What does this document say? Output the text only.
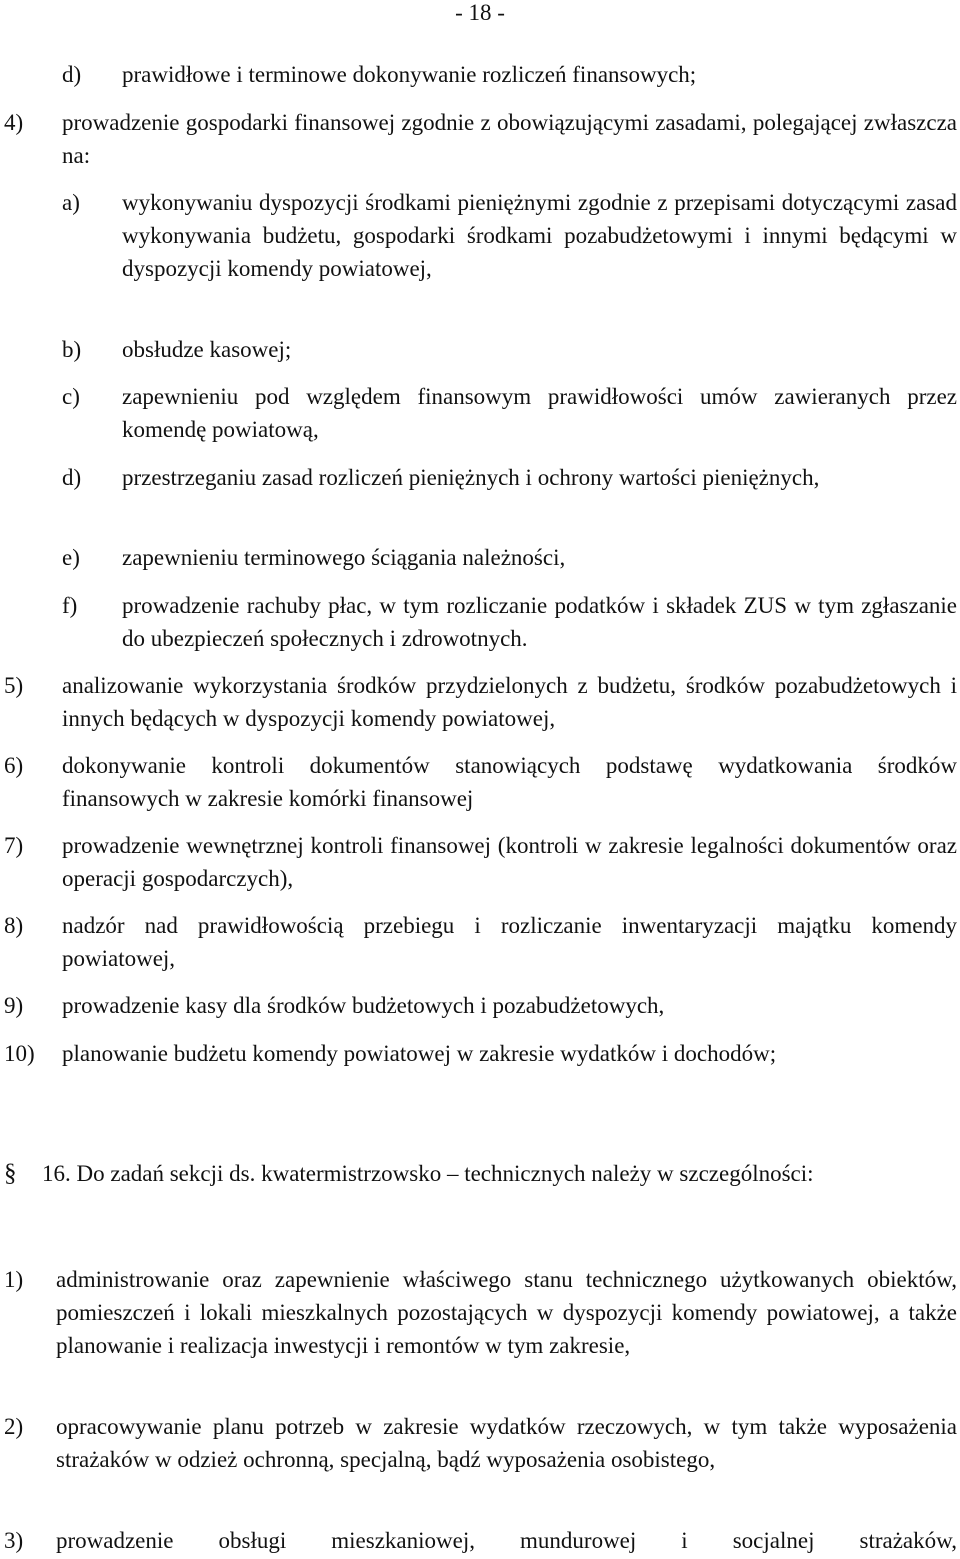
- 18 -
d) prawidłowe i terminowe dokonywanie rozliczeń finansowych;
4) prowadzenie gospodarki finansowej zgodnie z obowiązującymi zasadami, polegającej zwłaszcza na:
a) wykonywaniu dyspozycji środkami pieniężnymi zgodnie z przepisami dotyczącymi zasad wykonywania budżetu, gospodarki środkami pozabudżetowymi i innymi będącymi w dyspozycji komendy powiatowej,
b) obsłudze kasowej;
c) zapewnieniu pod względem finansowym prawidłowości umów zawieranych przez komendę powiatową,
d) przestrzeganiu zasad rozliczeń pieniężnych i ochrony wartości pieniężnych,
e) zapewnieniu terminowego ściągania należności,
f) prowadzenie rachuby płac, w tym rozliczanie podatków i składek ZUS w tym zgłaszanie do ubezpieczeń społecznych i zdrowotnych.
5) analizowanie wykorzystania środków przydzielonych z budżetu, środków pozabudżetowych i innych będących w dyspozycji komendy powiatowej,
6) dokonywanie kontroli dokumentów stanowiących podstawę wydatkowania środków finansowych w zakresie komórki finansowej
7) prowadzenie wewnętrznej kontroli finansowej (kontroli w zakresie legalności dokumentów oraz operacji gospodarczych),
8) nadzór nad prawidłowością przebiegu i rozliczanie inwentaryzacji majątku komendy powiatowej,
9) prowadzenie kasy dla środków budżetowych i pozabudżetowych,
10) planowanie budżetu komendy powiatowej w zakresie wydatków i dochodów;
§ 16. Do zadań sekcji ds. kwatermistrzowsko – technicznych należy w szczególności:
1) administrowanie oraz zapewnienie właściwego stanu technicznego użytkowanych obiektów, pomieszczeń i lokali mieszkalnych pozostających w dyspozycji komendy powiatowej, a także planowanie i realizacja inwestycji i remontów w tym zakresie,
2) opracowywanie planu potrzeb w zakresie wydatków rzeczowych, w tym także wyposażenia strażaków w odzież ochronną, specjalną, bądź wyposażenia osobistego,
3) prowadzenie obsługi mieszkaniowej, mundurowej i socjalnej strażaków,
